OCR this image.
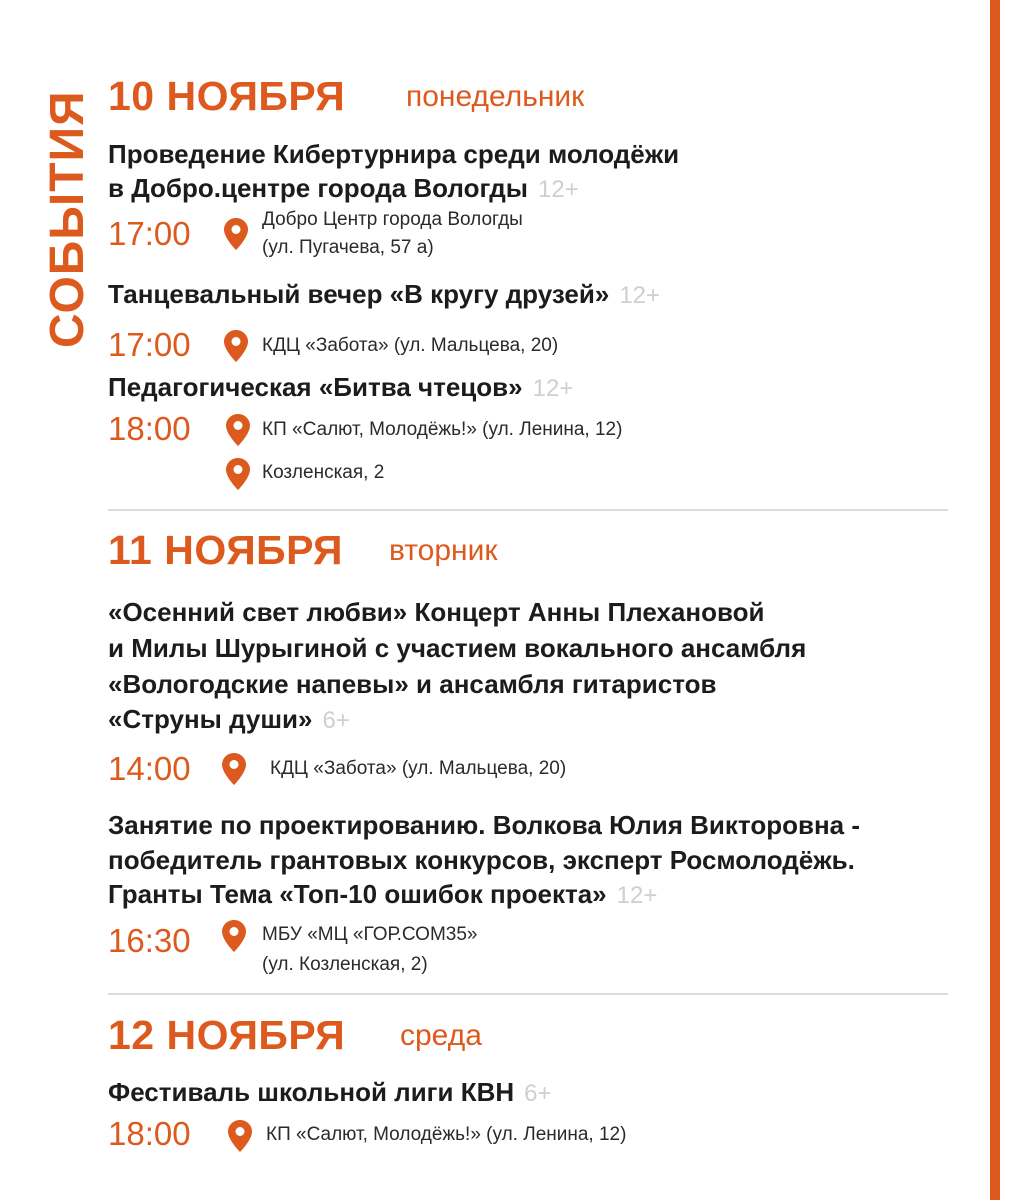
СОБЫТИЯ 10 НОЯБРЯ понедельник
Проведение Кибертурнира среди молодёжи
в Добро.центре города Вологды 12+
17:00	Добро Центр города Вологды
(ул. Пугачева, 57 а)
Танцевальный вечер «В кругу друзей» 12+
17:00	КДЦ «Забота» (ул. Мальцева, 20)
Педагогическая «Битва чтецов» 12+
18:00	КП «Салют, Молодёжь!» (ул. Ленина, 12)
Козленская, 2
11 НОЯБРЯ вторник
«Осенний свет любви» Концерт Анны Плехановой
и Милы Шурыгиной с участием вокального ансамбля
«Вологодские напевы» и ансамбля гитаристов
«Струны души» 6+
14:00	КДЦ «Забота» (ул. Мальцева, 20)
Занятие по проектированию. Волкова Юлия Викторовна -
победитель грантовых конкурсов, эксперт Росмолодёжь.
Гранты Тема «Топ-10 ошибок проекта» 12+
16:30	МБУ «МЦ «ГОР.СОМ35»
(ул. Козленская, 2)
12 НОЯБРЯ среда
Фестиваль школьной лиги КВН 6+
18:00	КП «Салют, Молодёжь!» (ул. Ленина, 12)
